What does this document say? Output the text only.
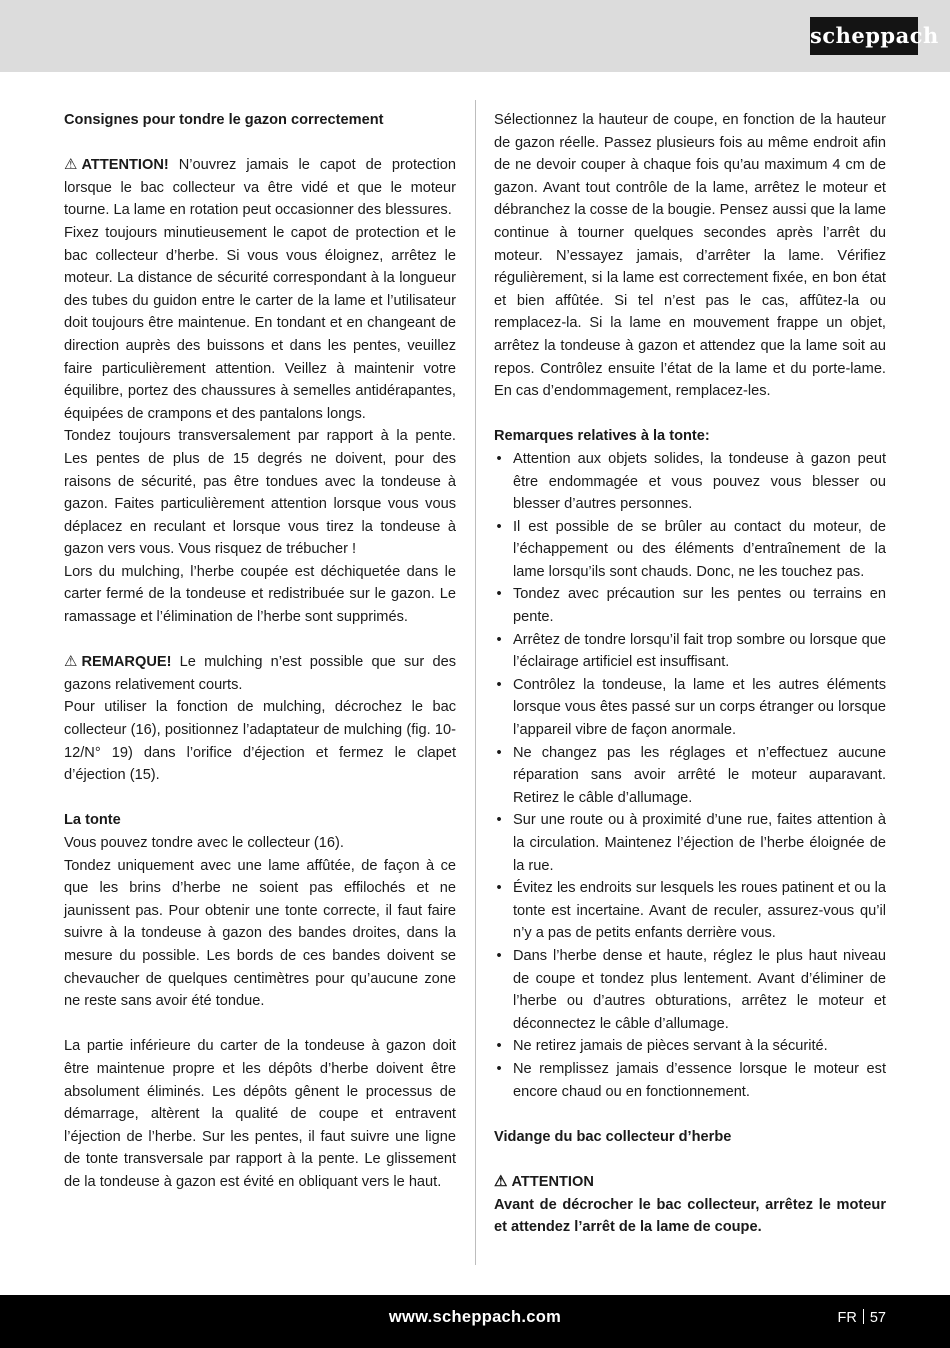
scheppach

Consignes pour tondre le gazon correctement

⚠ ATTENTION! N’ouvrez jamais le capot de protection lorsque le bac collecteur va être vidé et que le moteur tourne. La lame en rotation peut occasionner des blessures.

Fixez toujours minutieusement le capot de protection et le bac collecteur d’herbe. Si vous vous éloignez, arrêtez le moteur. La distance de sécurité correspondant à la longueur des tubes du guidon entre le carter de la lame et l’utilisateur doit toujours être maintenue. En tondant et en changeant de direction auprès des buissons et dans les pentes, veuillez faire particulièrement attention. Veillez à maintenir votre équilibre, portez des chaussures à semelles antidérapantes, équipées de crampons et des pantalons longs.

Tondez toujours transversalement par rapport à la pente. Les pentes de plus de 15 degrés ne doivent, pour des raisons de sécurité, pas être tondues avec la tondeuse à gazon. Faites particulièrement attention lorsque vous vous déplacez en reculant et lorsque vous tirez la tondeuse à gazon vers vous. Vous risquez de trébucher !

Lors du mulching, l’herbe coupée est déchiquetée dans le carter fermé de la tondeuse et redistribuée sur le gazon. Le ramassage et l’élimination de l’herbe sont supprimés.

⚠ REMARQUE! Le mulching n’est possible que sur des gazons relativement courts.

Pour utiliser la fonction de mulching, décrochez le bac collecteur (16), positionnez l’adaptateur de mulching (fig. 10-12/N° 19) dans l’orifice d’éjection et fermez le clapet d’éjection (15).

La tonte

Vous pouvez tondre avec le collecteur (16).

Tondez uniquement avec une lame affûtée, de façon à ce que les brins d’herbe ne soient pas effilochés et ne jaunissent pas. Pour obtenir une tonte correcte, il faut faire suivre à la tondeuse à gazon des bandes droites, dans la mesure du possible. Les bords de ces bandes doivent se chevaucher de quelques centimètres pour qu’aucune zone ne reste sans avoir été tondue.

La partie inférieure du carter de la tondeuse à gazon doit être maintenue propre et les dépôts d’herbe doivent être absolument éliminés. Les dépôts gênent le processus de démarrage, altèrent la qualité de coupe et entravent l’éjection de l’herbe. Sur les pentes, il faut suivre une ligne de tonte transversale par rapport à la pente. Le glissement de la tondeuse à gazon est évité en obliquant vers le haut.

Sélectionnez la hauteur de coupe, en fonction de la hauteur de gazon réelle. Passez plusieurs fois au même endroit afin de ne devoir couper à chaque fois qu’au maximum 4 cm de gazon. Avant tout contrôle de la lame, arrêtez le moteur et débranchez la cosse de la bougie. Pensez aussi que la lame continue à tourner quelques secondes après l’arrêt du moteur. N’essayez jamais, d’arrêter la lame. Vérifiez régulièrement, si la lame est correctement fixée, en bon état et bien affûtée. Si tel n’est pas le cas, affûtez-la ou remplacez-la. Si la lame en mouvement frappe un objet, arrêtez la tondeuse à gazon et attendez que la lame soit au repos. Contrôlez ensuite l’état de la lame et du porte-lame. En cas d’endommagement, remplacez-les.

Remarques relatives à la tonte:

• Attention aux objets solides, la tondeuse à gazon peut être endommagée et vous pouvez vous blesser ou blesser d’autres personnes.
• Il est possible de se brûler au contact du moteur, de l’échappement ou des éléments d’entraînement de la lame lorsqu’ils sont chauds. Donc, ne les touchez pas.
• Tondez avec précaution sur les pentes ou terrains en pente.
• Arrêtez de tondre lorsqu’il fait trop sombre ou lorsque que l’éclairage artificiel est insuffisant.
• Contrôlez la tondeuse, la lame et les autres éléments lorsque vous êtes passé sur un corps étranger ou lorsque l’appareil vibre de façon anormale.
• Ne changez pas les réglages et n’effectuez aucune réparation sans avoir arrêté le moteur auparavant. Retirez le câble d’allumage.
• Sur une route ou à proximité d’une rue, faites attention à la circulation. Maintenez l’éjection de l’herbe éloignée de la rue.
• Évitez les endroits sur lesquels les roues patinent et ou la tonte est incertaine. Avant de reculer, assurez-vous qu’il n’y a pas de petits enfants derrière vous.
• Dans l’herbe dense et haute, réglez le plus haut niveau de coupe et tondez plus lentement. Avant d’éliminer de l’herbe ou d’autres obturations, arrêtez le moteur et déconnectez le câble d’allumage.
• Ne retirez jamais de pièces servant à la sécurité.
• Ne remplissez jamais d’essence lorsque le moteur est encore chaud ou en fonctionnement.

Vidange du bac collecteur d’herbe

⚠ ATTENTION

Avant de décrocher le bac collecteur, arrêtez le moteur et attendez l’arrêt de la lame de coupe.

www.scheppach.com	FR 57
